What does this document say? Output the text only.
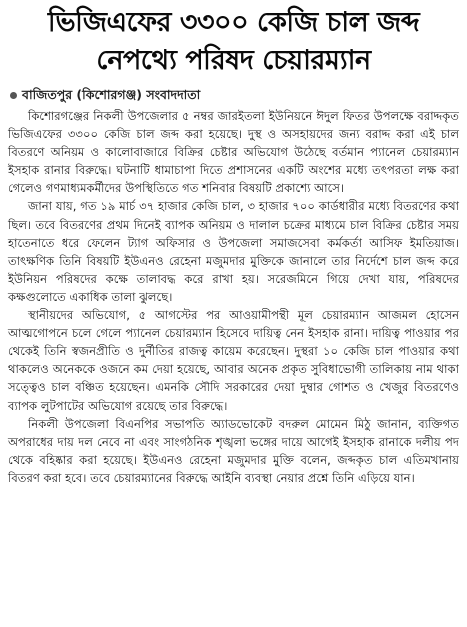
ভিজিএফের ৩৩০০ কেজি চাল জব্দ
নেপথ্যে পরিষদ চেয়ারম্যান
বাজিতপুর (কিশোরগঞ্জ) সংবাদদাতা

কিশোরগঞ্জের নিকলী উপজেলার ৫ নম্বর জারইতলা ইউনিয়নে ঈদুল ফিতর উপলক্ষে বরাদ্দকৃত ভিজিএফের ৩৩০০ কেজি চাল জব্দ করা হয়েছে। দুস্থ ও অসহায়দের জন্য বরাদ্দ করা এই চাল বিতরণে অনিয়ম ও কালোবাজারে বিক্রির চেষ্টার অভিযোগ উঠেছে বর্তমান প্যানেল চেয়ারম্যান ইসহাক রানার বিরুদ্ধে। ঘটনাটি ধামাচাপা দিতে প্রশাসনের একটি অংশের মধ্যে তৎপরতা লক্ষ করা গেলেও গণমাধ্যমকর্মীদের উপস্থিতিতে গত শনিবার বিষয়টি প্রকাশ্যে আসে।

জানা যায়, গত ১৯ মার্চ ৩৭ হাজার কেজি চাল, ৩ হাজার ৭০০ কার্ডধারীর মধ্যে বিতরণের কথা ছিল। তবে বিতরণের প্রথম দিনেই ব্যাপক অনিয়ম ও দালাল চক্রের মাধ্যমে চাল বিক্রির চেষ্টার সময় হাতেনাতে ধরে ফেলেন ট্যাগ অফিসার ও উপজেলা সমাজসেবা কর্মকর্তা আসিফ ইমতিয়াজ। তাৎক্ষণিক তিনি বিষয়টি ইউএনও রেহেনা মজুমদার মুক্তিকে জানালে তার নির্দেশে চাল জব্দ করে ইউনিয়ন পরিষদের কক্ষে তালাবদ্ধ করে রাখা হয়। সরেজমিনে গিয়ে দেখা যায়, পরিষদের কক্ষগুলোতে একাধিক তালা ঝুলছে।

স্থানীয়দের অভিযোগ, ৫ আগস্টের পর আওয়ামীপন্থী মূল চেয়ারম্যান আজমল হোসেন আত্মগোপনে চলে গেলে প্যানেল চেয়ারম্যান হিসেবে দায়িত্ব নেন ইসহাক রানা। দায়িত্ব পাওয়ার পর থেকেই তিনি স্বজনপ্রীতি ও দুর্নীতির রাজত্ব কায়েম করেছেন। দুস্থরা ১০ কেজি চাল পাওয়ার কথা থাকলেও অনেককে ওজনে কম দেয়া হয়েছে, আবার অনেক প্রকৃত সুবিধাভোগী তালিকায় নাম থাকা সত্ত্বেও চাল বঞ্চিত হয়েছেন। এমনকি সৌদি সরকারের দেয়া দুম্বার গোশত ও খেজুর বিতরণেও ব্যাপক লুটপাটের অভিযোগ রয়েছে তার বিরুদ্ধে।

নিকলী উপজেলা বিএনপির সভাপতি অ্যাডভোকেট বদরুল মোমেন মিঠু জানান, ব্যক্তিগত অপরাধের দায় দল নেবে না এবং সাংগঠনিক শৃঙ্খলা ভঙ্গের দায়ে আগেই ইসহাক রানাকে দলীয় পদ থেকে বহিষ্কার করা হয়েছে। ইউএনও রেহেনা মজুমদার মুক্তি বলেন, জব্দকৃত চাল এতিমখানায় বিতরণ করা হবে। তবে চেয়ারম্যানের বিরুদ্ধে আইনি ব্যবস্থা নেয়ার প্রশ্নে তিনি এড়িয়ে যান।
